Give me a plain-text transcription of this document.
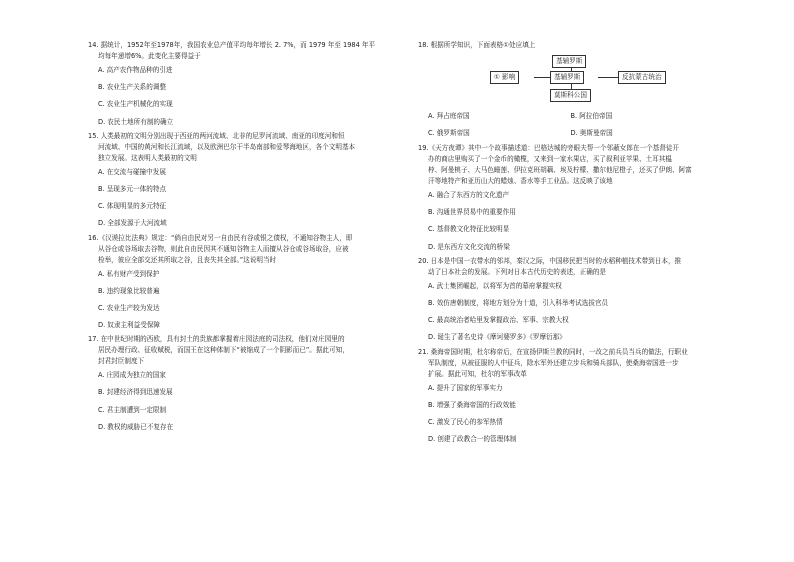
14. 据统计，1952年至1978年，我国农业总产值平均每年增长 2. 7%，而 1979 年至 1984 年平

均每年递增6%。此变化主要得益于

A. 高产农作物品种的引进

B. 农业生产关系的调整

C. 农业生产机械化的实现

D. 农民土地所有制的确立

15. 人类最初的文明分别出现于西亚的两河流域、北非的尼罗河流域、南亚的印度河和恒

河流域、中国的黄河和长江流域，以及欧洲巴尔干半岛南部和爱琴海地区，各个文明基本

独立发展。这表明人类最初的文明

A. 在交流与碰撞中发展

B. 呈现多元一体的特点

C. 体现明显的多元特征

D. 全部发源于大河流域

16.《汉谟拉比法典》规定：“倘自由民对另一自由民有谷或银之债权，不通知谷物主人，即

从谷仓或谷场取去谷物，则此自由民因其不通知谷物主人而擅从谷仓或谷场取谷，应被

检举，彼应全部交还其所取之谷，且丧失其全部。”这说明当时

A. 私有财产受到保护

B. 违约现象比较普遍

C. 农业生产较为发达

D. 奴隶主利益受保障

17. 在中世纪时期的西欧，具有封土的贵族都掌握着庄园法庭的司法权，他们对庄园里的

居民办理行政、征收赋税，而国王在这种体制下“被缩成了一个阴影而已”。据此可知，

封君封臣制度下

A. 庄园成为独立的国家

B. 封建经济得到迅速发展

C. 君主制遭到一定限制

D. 教权的威胁已不复存在

18. 根据所学知识，下面表格①处应填上

基辅罗斯
① 影响	基辅罗斯	反抗蒙古统治
莫斯科公国
A. 拜占庭帝国	B. 阿拉伯帝国
C. 俄罗斯帝国	D. 奥斯曼帝国

19.《天方夜谭》其中一个故事描述道：巴格达城的旁眼夫帮一个邻蔽女郎在一个基督徒开

办的商店里购买了一个金币的橄榄，又来到一家水果店，买了叙利亚苹果、土耳其榅

桲、阿曼桃子、大马色睡莲、伊拉克班胡藕、埃及柠檬、撒尔他尼橙子，还买了伊朗、阿富

汗等地特产和亚历山大的蜡烛、香水等手工业品。这反映了该地

A. 融合了东西方的文化遗产

B. 沟通世界贸易中的重要作用

C. 基督教文化特征比较明显

D. 是东西方文化交流的桥梁

20. 日本是中国一衣带水的邻邦，秦汉之际，中国移民把当时的水稻种植技术带到日本，推

动了日本社会的发展。下列对日本古代历史的表述，正确的是

A. 武士集团崛起，以将军为首的幕府掌握实权

B. 效仿唐朝制度，将地方划分为十道，引入科举考试选拔官员

C. 最高统治者哈里发掌握政治、军事、宗教大权

D. 诞生了著名史诗《摩诃婆罗多》《罗摩衍那》

21. 桑海帝国时期，杜尔称帝后，在宣扬伊斯兰教的同时，一改之前兵员当兵的做法，行职业

军队制度，从被征服的人中征兵，除水军外还建立步兵和骑兵部队，使桑海帝国进一步

扩展。据此可知，杜尔的军事改革

A. 提升了国家的军事实力

B. 增强了桑海帝国的行政效能

C. 激发了民心的参军热情

D. 创建了政教合一的管理体制
